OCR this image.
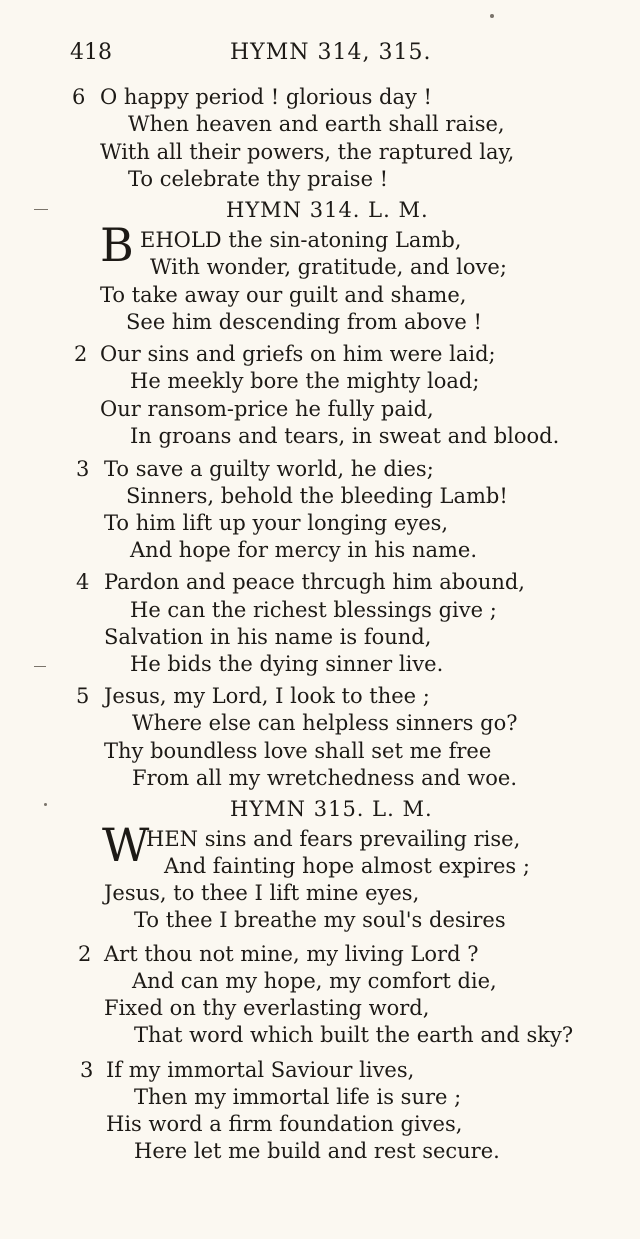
418	HYMN 314, 315.
6 O happy period ! glorious day !
When heaven and earth shall raise,
With all their powers, the raptured lay,
To celebrate thy praise !
HYMN 314. L. M.
B EHOLD the sin-atoning Lamb,
With wonder, gratitude, and love;
To take away our guilt and shame,
See him descending from above !
2 Our sins and griefs on him were laid;
He meekly bore the mighty load;
Our ransom-price he fully paid,
In groans and tears, in sweat and blood.
3 To save a guilty world, he dies;
Sinners, behold the bleeding Lamb!
To him lift up your longing eyes,
And hope for mercy in his name.
4 Pardon and peace thrcugh him abound,
He can the richest blessings give ;
Salvation in his name is found,
He bids the dying sinner live.
5 Jesus, my Lord, I look to thee ;
Where else can helpless sinners go?
Thy boundless love shall set me free
From all my wretchedness and woe.
HYMN 315. L. M.
W
HEN sins and fears prevailing rise,
And fainting hope almost expires ;
Jesus, to thee I lift mine eyes,
To thee I breathe my soul's desires
2 Art thou not mine, my living Lord ?
And can my hope, my comfort die,
Fixed on thy everlasting word,
That word which built the earth and sky?
3 If my immortal Saviour lives,
Then my immortal life is sure ;
His word a firm foundation gives,
Here let me build and rest secure.
